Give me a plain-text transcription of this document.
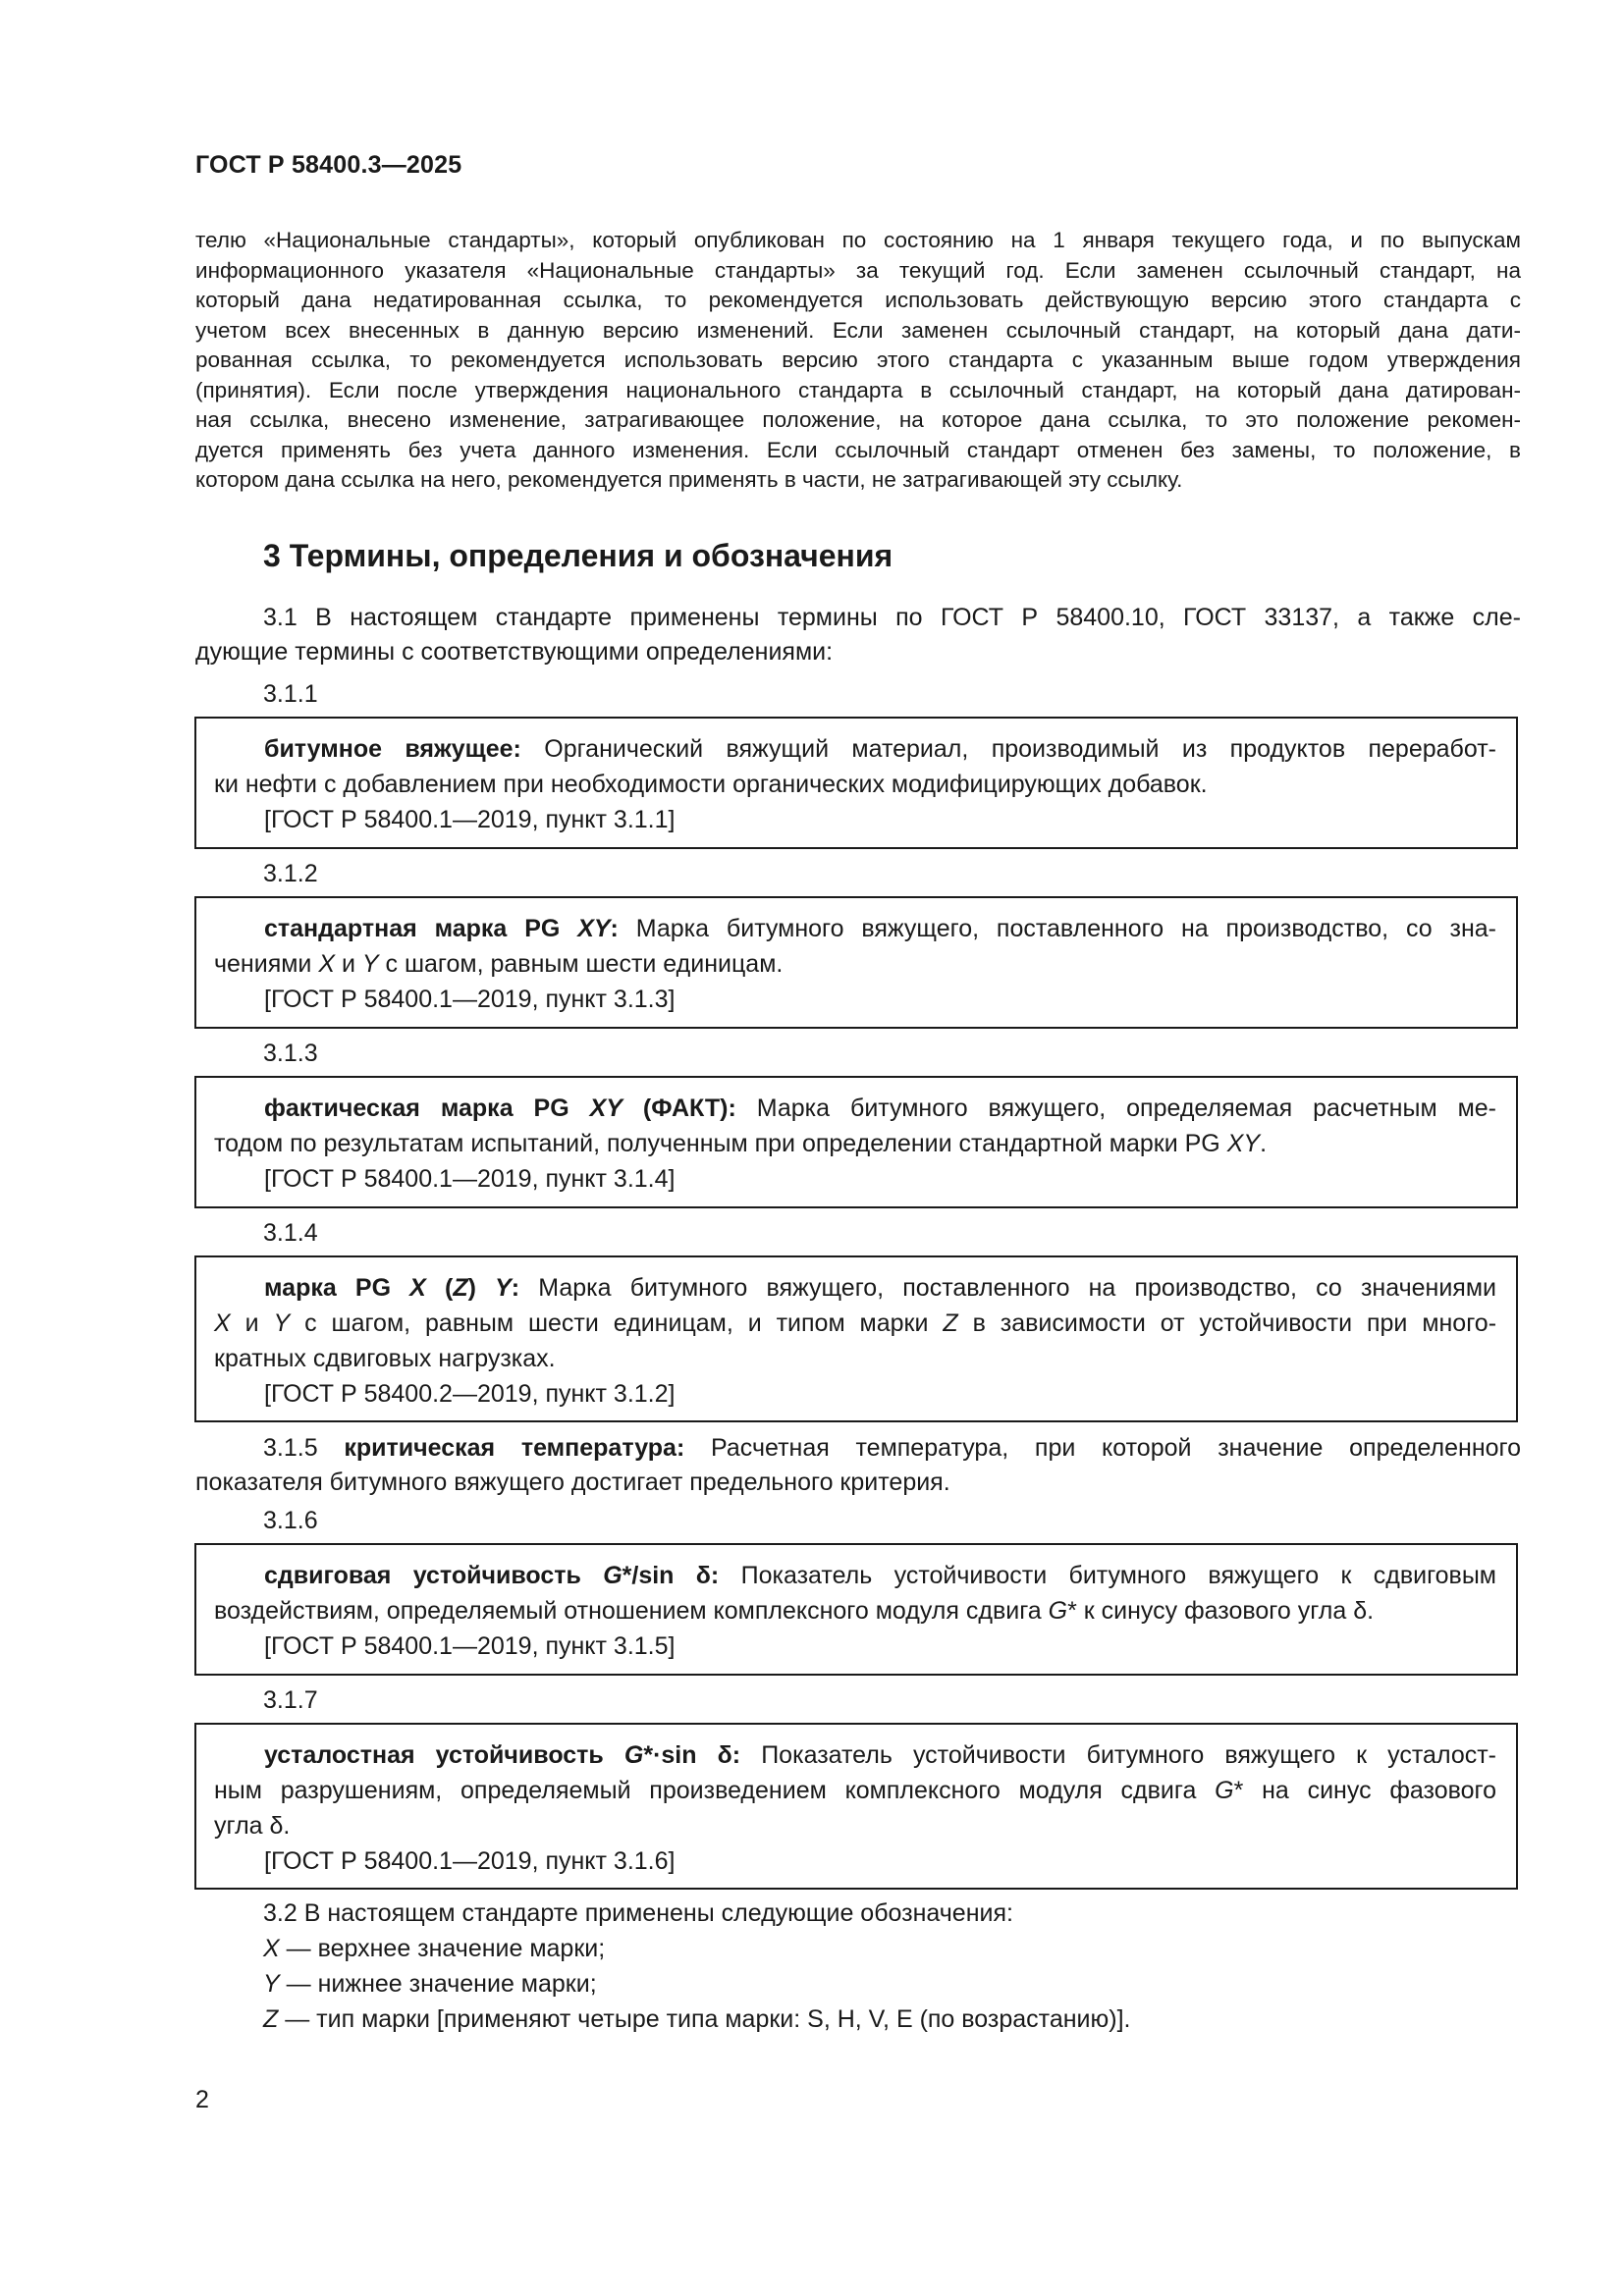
ГОСТ Р 58400.3—2025
телю «Национальные стандарты», который опубликован по состоянию на 1 января текущего года, и по выпускам
информационного указателя «Национальные стандарты» за текущий год. Если заменен ссылочный стандарт, на
который дана недатированная ссылка, то рекомендуется использовать действующую версию этого стандарта с
учетом всех внесенных в данную версию изменений. Если заменен ссылочный стандарт, на который дана дати-
рованная ссылка, то рекомендуется использовать версию этого стандарта с указанным выше годом утверждения
(принятия). Если после утверждения национального стандарта в ссылочный стандарт, на который дана датирован-
ная ссылка, внесено изменение, затрагивающее положение, на которое дана ссылка, то это положение рекомен-
дуется применять без учета данного изменения. Если ссылочный стандарт отменен без замены, то положение, в
котором дана ссылка на него, рекомендуется применять в части, не затрагивающей эту ссылку.
3 Термины, определения и обозначения
3.1 В настоящем стандарте применены термины по ГОСТ Р 58400.10, ГОСТ 33137, а также сле-
дующие термины с соответствующими определениями:
3.1.1
битумное вяжущее: Органический вяжущий материал, производимый из продуктов переработ-
ки нефти с добавлением при необходимости органических модифицирующих добавок.
[ГОСТ Р 58400.1—2019, пункт 3.1.1]
3.1.2
стандартная марка PG XY: Марка битумного вяжущего, поставленного на производство, со зна-
чениями X и Y с шагом, равным шести единицам.
[ГОСТ Р 58400.1—2019, пункт 3.1.3]
3.1.3
фактическая марка PG XY (ФАКТ): Марка битумного вяжущего, определяемая расчетным ме-
тодом по результатам испытаний, полученным при определении стандартной марки PG XY.
[ГОСТ Р 58400.1—2019, пункт 3.1.4]
3.1.4
марка PG X (Z) Y: Марка битумного вяжущего, поставленного на производство, со значениями
X и Y с шагом, равным шести единицам, и типом марки Z в зависимости от устойчивости при много-
кратных сдвиговых нагрузках.
[ГОСТ Р 58400.2—2019, пункт 3.1.2]
3.1.5 критическая температура: Расчетная температура, при которой значение определенного
показателя битумного вяжущего достигает предельного критерия.
3.1.6
сдвиговая устойчивость G*/sin δ: Показатель устойчивости битумного вяжущего к сдвиговым
воздействиям, определяемый отношением комплексного модуля сдвига G* к синусу фазового угла δ.
[ГОСТ Р 58400.1—2019, пункт 3.1.5]
3.1.7
усталостная устойчивость G*·sin δ: Показатель устойчивости битумного вяжущего к усталост-
ным разрушениям, определяемый произведением комплексного модуля сдвига G* на синус фазового
угла δ.
[ГОСТ Р 58400.1—2019, пункт 3.1.6]
3.2 В настоящем стандарте применены следующие обозначения:
X — верхнее значение марки;
Y — нижнее значение марки;
Z — тип марки [применяют четыре типа марки: S, H, V, E (по возрастанию)].
2
